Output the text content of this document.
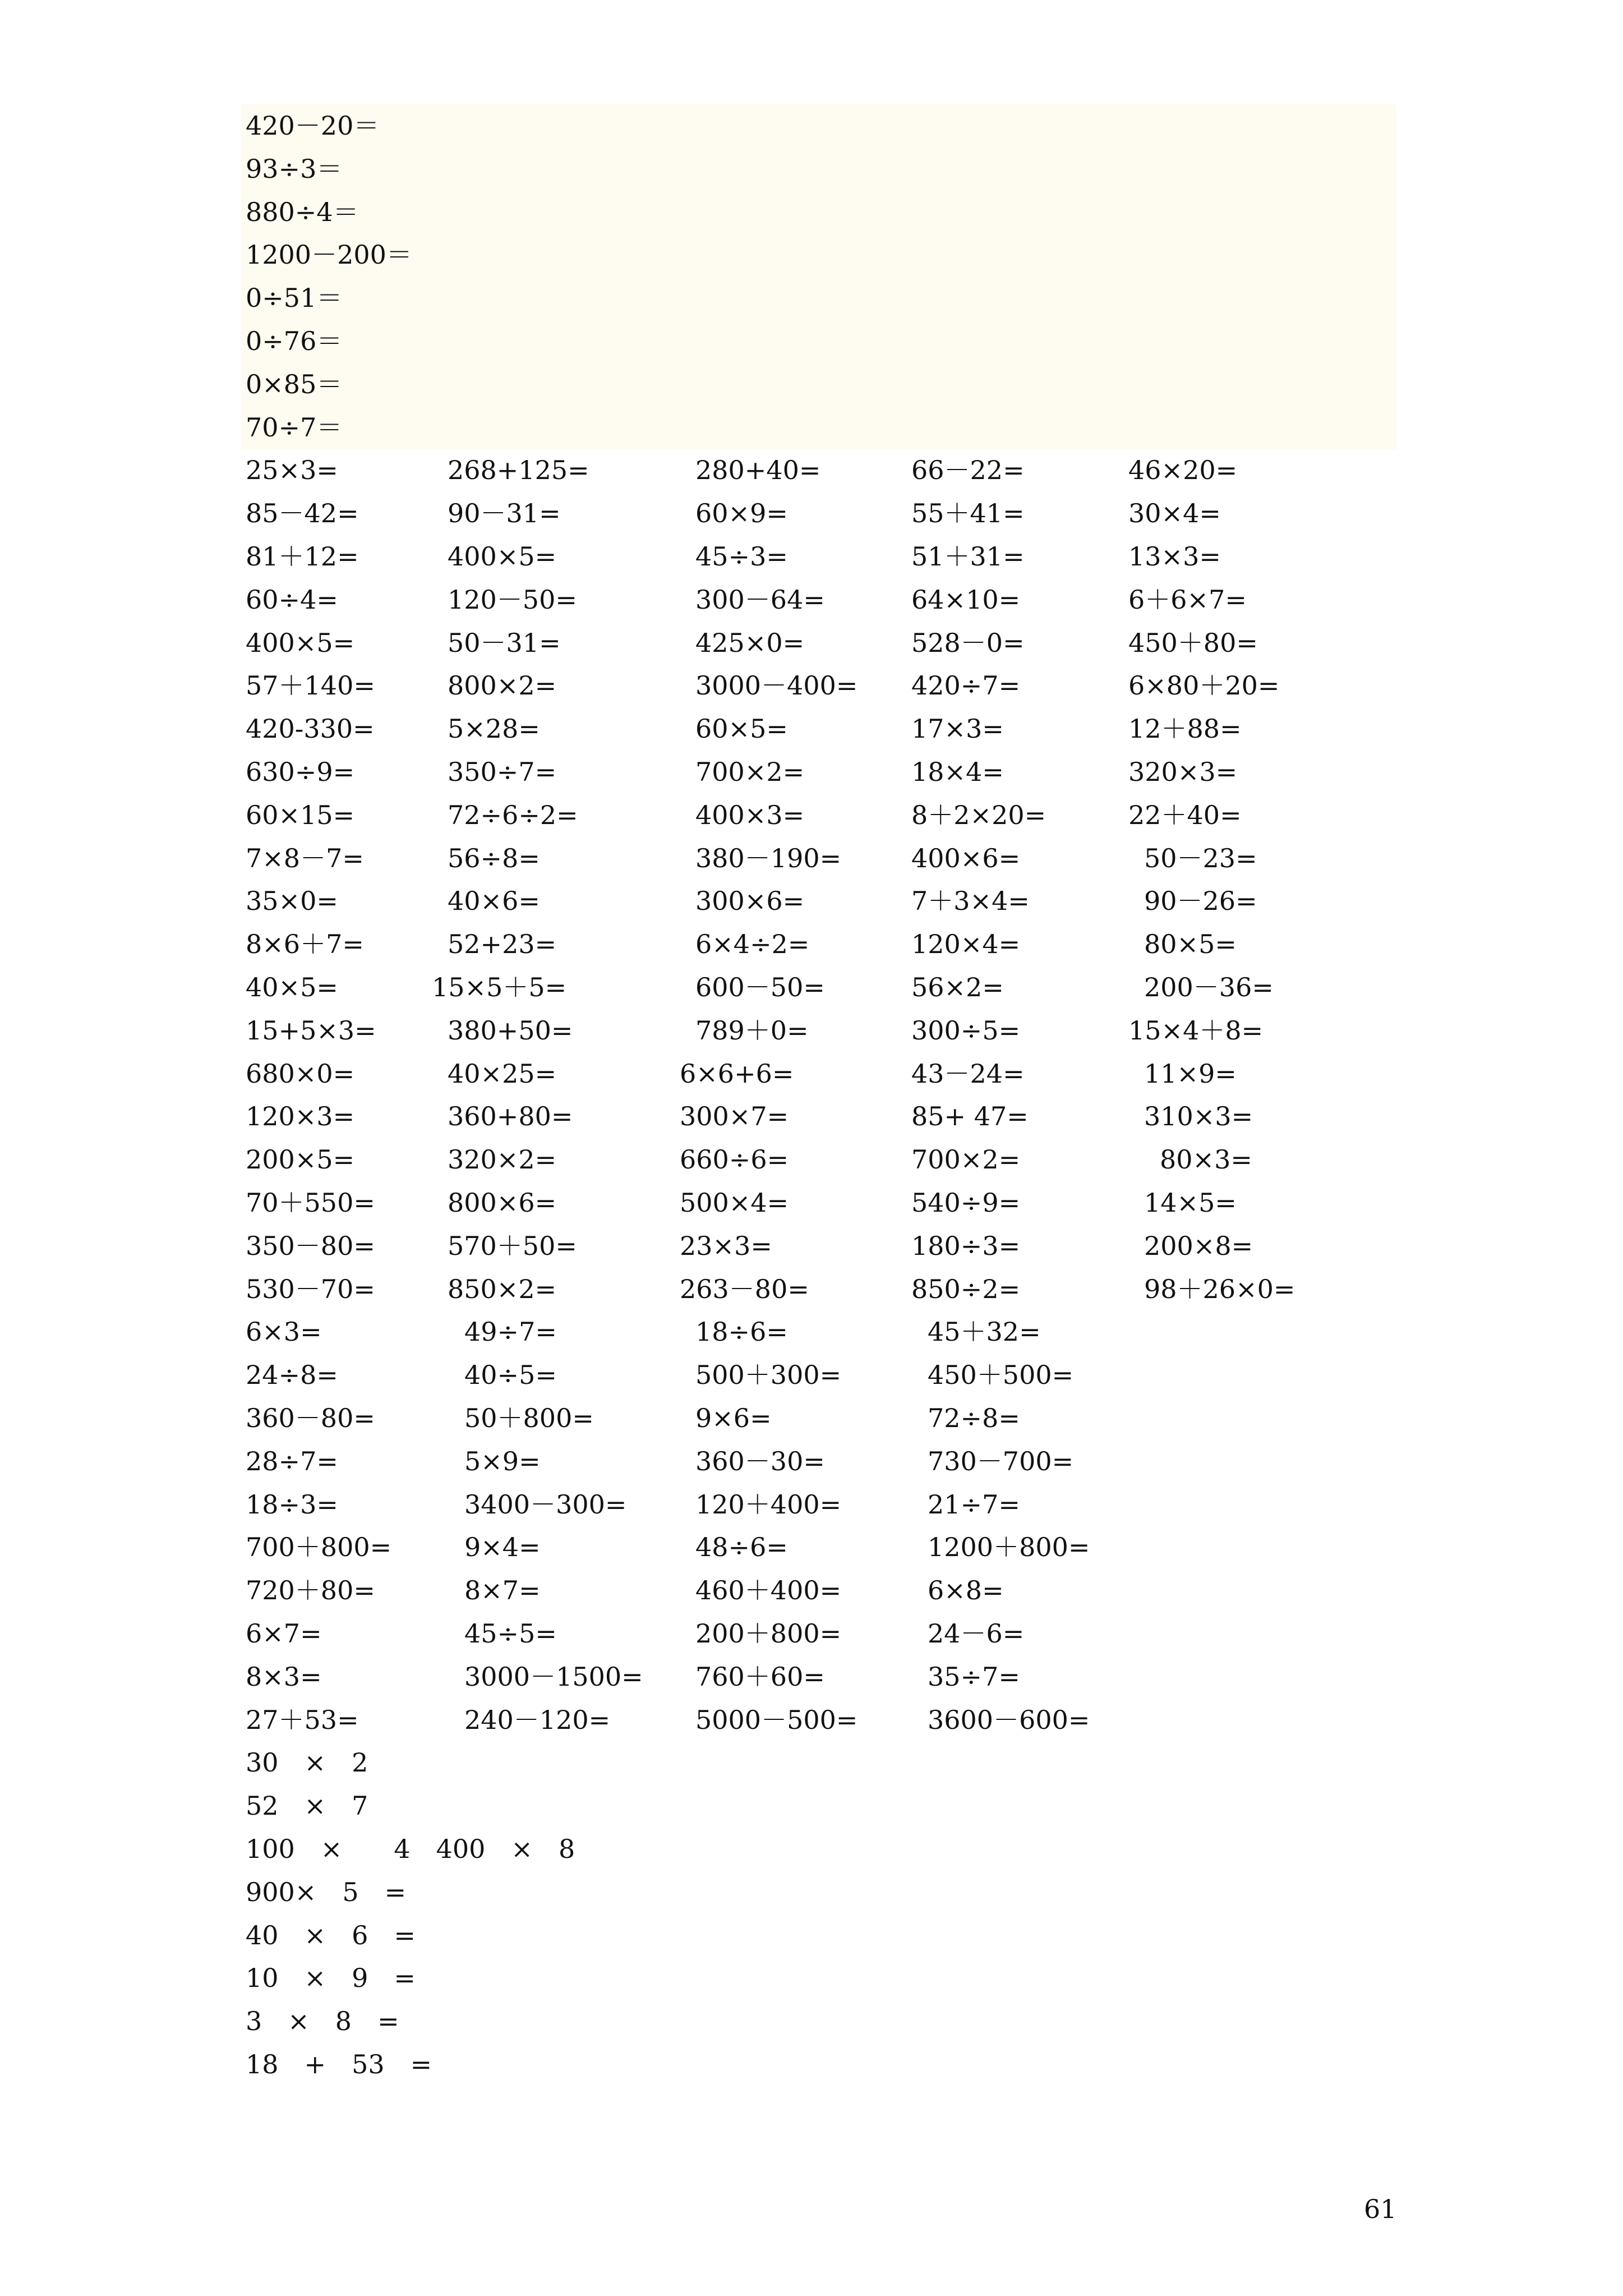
420－20＝
93÷3＝
880÷4＝
1200－200＝
0÷51＝
0÷76＝
0×85＝
70÷7＝
25×3=	268+125=	280+40=	66－22=	46×20=
85－42=	90－31=	60×9=	55＋41=	30×4=
81＋12=	400×5=	45÷3=	51＋31=	13×3=
60÷4=	120－50=	300－64=	64×10=	6＋6×7=
400×5=	50－31=	425×0=	528－0=	450＋80=
57＋140=	800×2=	3000－400= 420÷7=	6×80＋20=
420-330=	5×28=	60×5=	17×3=	12＋88=
630÷9=	350÷7=	700×2=	18×4=	320×3=
60×15=	72÷6÷2=	400×3=	8＋2×20=	22＋40=
7×8－7=	56÷8=	380－190=	400×6=	50－23=
35×0=	40×6=	300×6=	7＋3×4=	90－26=
8×6＋7=	52+23=	6×4÷2=	120×4=	80×5=
40×5=	15×5＋5=	600－50=	56×2=	200－36=
15+5×3=	380+50=	789＋0=	300÷5=	15×4＋8=
680×0=	40×25=	6×6+6=	43－24=	11×9=
120×3=	360+80=	300×7=	85+ 47=	310×3=
200×5=	320×2=	660÷6=	700×2=	80×3=
70＋550=	800×6=	500×4=	540÷9=	14×5=
350－80=	570＋50=	23×3=	180÷3=	200×8=
530－70=	850×2=	263－80=	850÷2=	98＋26×0=
6×3=	49÷7=	18÷6=	45＋32=
24÷8=	40÷5=	500＋300=	450＋500=
360－80=	50＋800=	9×6=	72÷8=
28÷7=	5×9=	360－30=	730－700=
18÷3=	3400－300=	120＋400=	21÷7=
700＋800=	9×4=	48÷6=	1200＋800=
720＋80=	8×7=	460＋400=	6×8=
6×7=	45÷5=	200＋800=	24－6=
8×3=	3000－1500= 760＋60=	35÷7=
27＋53=	240－120=	5000－500=	3600－600=
30　×　2
52　×　7
100　×　　4　400　×　8
900×　5　=
40　×　6　=
10　×　9　=
3　×　8　=
18　+　53　=
61
